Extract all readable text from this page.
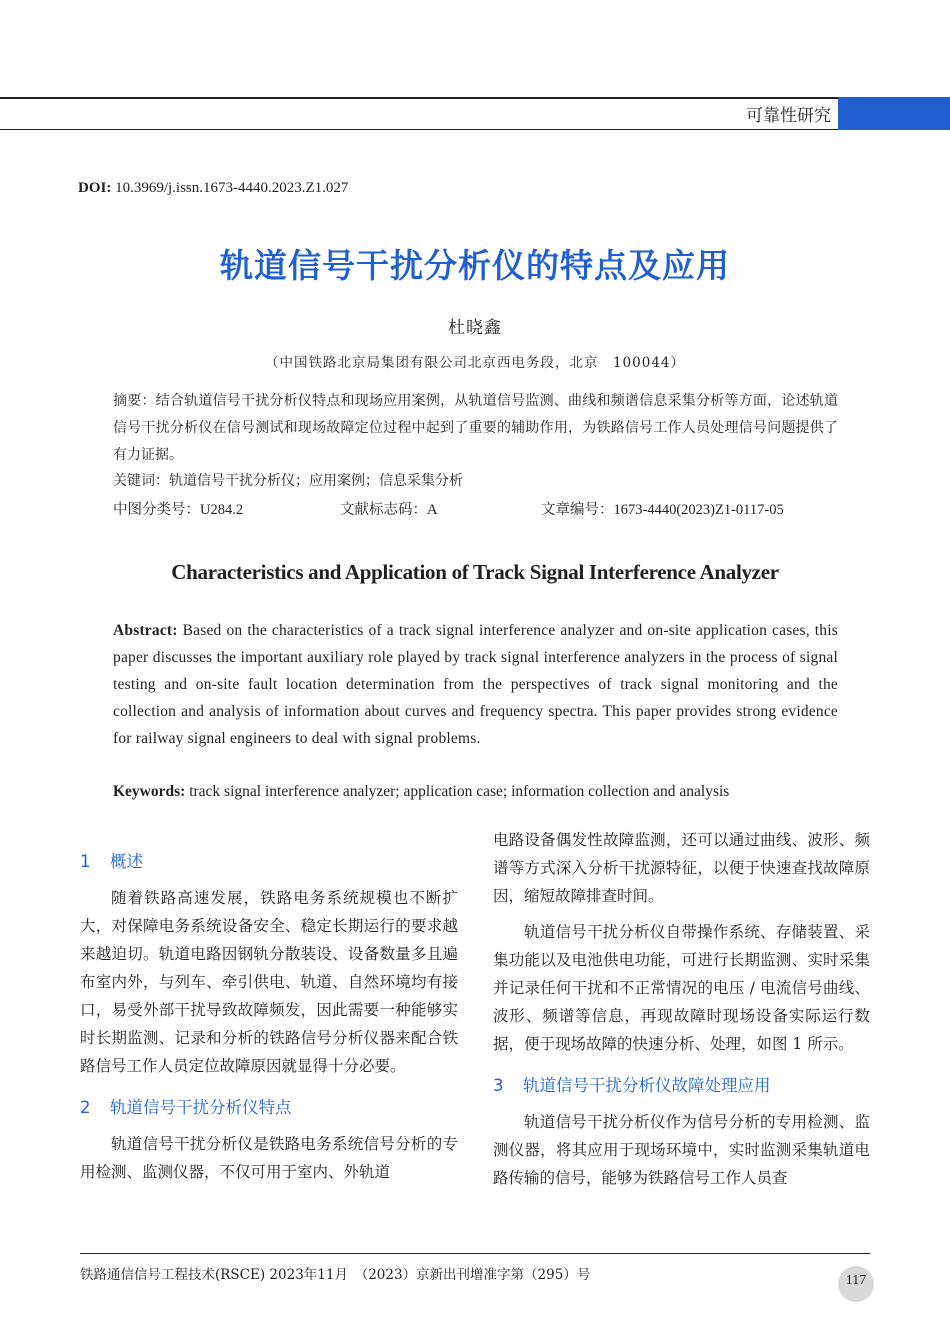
可靠性研究
DOI: 10.3969/j.issn.1673-4440.2023.Z1.027
轨道信号干扰分析仪的特点及应用
杜晓鑫
（中国铁路北京局集团有限公司北京西电务段，北京　100044）
摘要：结合轨道信号干扰分析仪特点和现场应用案例，从轨道信号监测、曲线和频谱信息采集分析等方面，论述轨道信号干扰分析仪在信号测试和现场故障定位过程中起到了重要的辅助作用，为铁路信号工作人员处理信号问题提供了有力证据。
关键词：轨道信号干扰分析仪；应用案例；信息采集分析
中图分类号：U284.2	文献标志码：A	文章编号：1673-4440(2023)Z1-0117-05
Characteristics and Application of Track Signal Interference Analyzer
Abstract: Based on the characteristics of a track signal interference analyzer and on-site application cases, this paper discusses the important auxiliary role played by track signal interference analyzers in the process of signal testing and on-site fault location determination from the perspectives of track signal monitoring and the collection and analysis of information about curves and frequency spectra. This paper provides strong evidence for railway signal engineers to deal with signal problems.
Keywords: track signal interference analyzer; application case; information collection and analysis
1 概述

随着铁路高速发展，铁路电务系统规模也不断扩大，对保障电务系统设备安全、稳定长期运行的要求越来越迫切。轨道电路因钢轨分散装设、设备数量多且遍布室内外，与列车、牵引供电、轨道、自然环境均有接口，易受外部干扰导致故障频发，因此需要一种能够实时长期监测、记录和分析的铁路信号分析仪器来配合铁路信号工作人员定位故障原因就显得十分必要。

2 轨道信号干扰分析仪特点

轨道信号干扰分析仪是铁路电务系统信号分析的专用检测、监测仪器，不仅可用于室内、外轨道

电路设备偶发性故障监测，还可以通过曲线、波形、频谱等方式深入分析干扰源特征，以便于快速查找故障原因，缩短故障排查时间。

轨道信号干扰分析仪自带操作系统、存储装置、采集功能以及电池供电功能，可进行长期监测、实时采集并记录任何干扰和不正常情况的电压 / 电流信号曲线、波形、频谱等信息，再现故障时现场设备实际运行数据，便于现场故障的快速分析、处理，如图 1 所示。

3 轨道信号干扰分析仪故障处理应用

轨道信号干扰分析仪作为信号分析的专用检测、监测仪器，将其应用于现场环境中，实时监测采集轨道电路传输的信号，能够为铁路信号工作人员查

铁路通信信号工程技术(RSCE) 2023年11月　（2023）京新出刊增准字第（295）号	117
